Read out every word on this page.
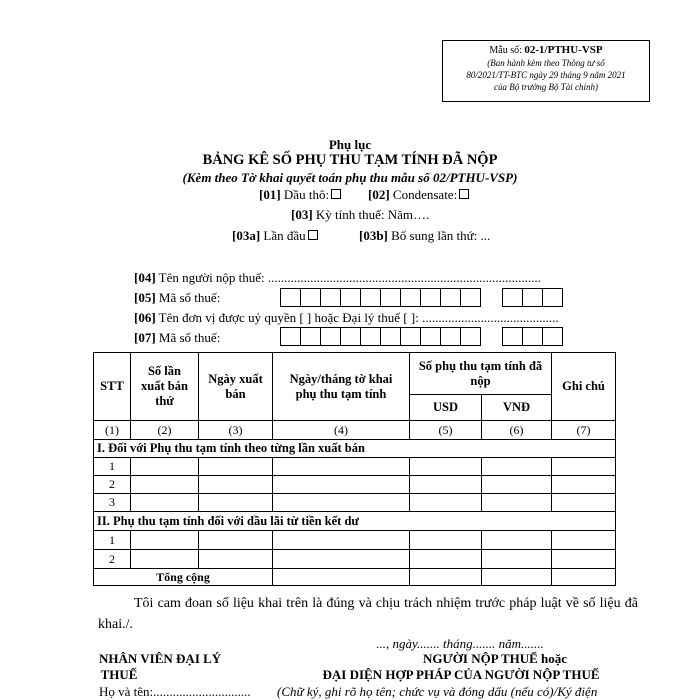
Mẫu số: 02-1/PTHU-VSP
(Ban hành kèm theo Thông tư số
80/2021/TT-BTC ngày 29 tháng 9 năm 2021
của Bộ trưởng Bộ Tài chính)
Phụ lục
BẢNG KÊ SỐ PHỤ THU TẠM TÍNH ĐÃ NỘP
(Kèm theo Tờ khai quyết toán phụ thu mẫu số 02/PTHU-VSP)
[01] Dầu thô:	[02] Condensate:
[03] Kỳ tính thuế: Năm….
[03a] Lần đầu	[03b] Bổ sung lần thứ: ...
[04] Tên người nộp thuế: ....................................................................................
[05] Mã số thuế:
[06] Tên đơn vị được uỷ quyền [ ] hoặc Đại lý thuế [ ]: ..........................................
[07] Mã số thuế:
STT	Số lần xuất bán thứ	Ngày xuất bán	Ngày/tháng tờ khai phụ thu tạm tính	Số phụ thu tạm tính đã nộp		Ghi chú
				USD	VNĐ	
(1)	(2)	(3)	(4)	(5)	(6)	(7)
I. Đối với Phụ thu tạm tính theo từng lần xuất bán						
1						
2						
3						
II. Phụ thu tạm tính đối với dầu lãi từ tiền kết dư						
1						
2						
Tổng cộng						
Tôi cam đoan số liệu khai trên là đúng và chịu trách nhiệm trước pháp luật về số liệu đã khai./.
..., ngày....... tháng....... năm.......
NHÂN VIÊN ĐẠI LÝ
THUẾ
Họ và tên:..............................
NGƯỜI NỘP THUẾ hoặc
ĐẠI DIỆN HỢP PHÁP CỦA NGƯỜI NỘP THUẾ
(Chữ ký, ghi rõ họ tên; chức vụ và đóng dấu (nếu có)/Ký điện
